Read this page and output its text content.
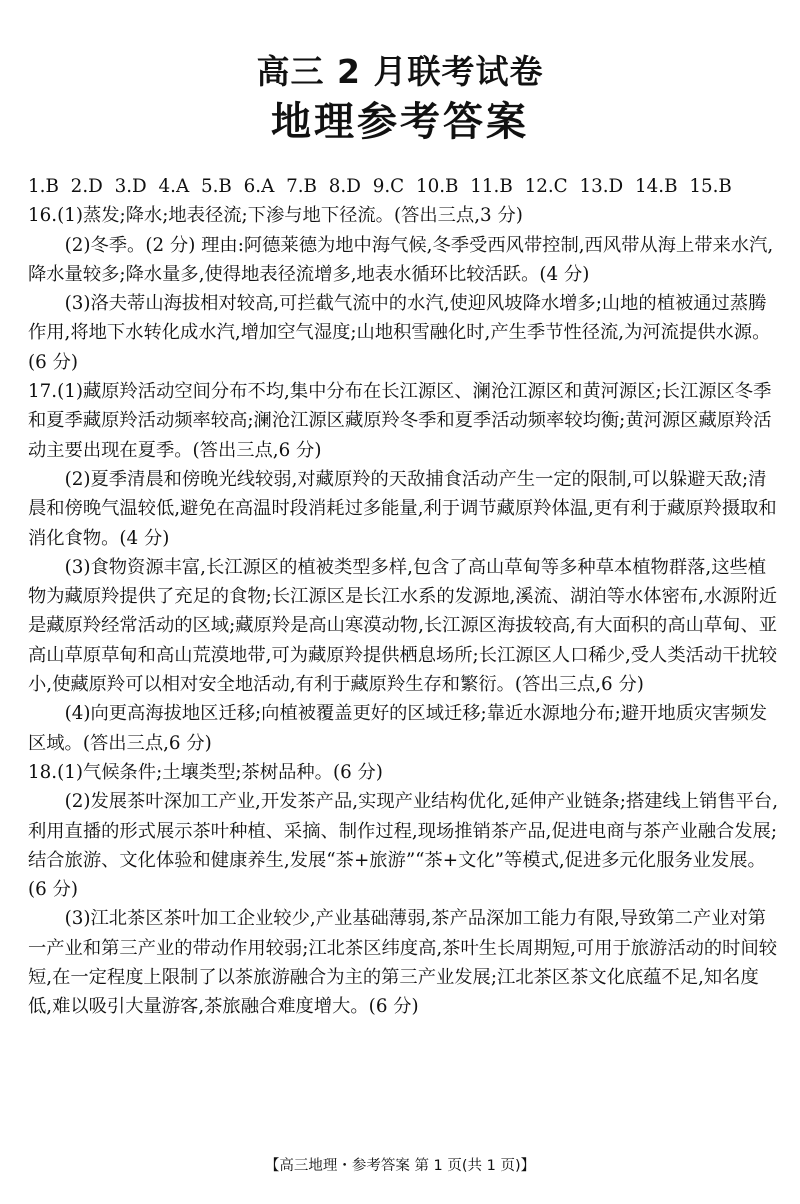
高三 2 月联考试卷
地理参考答案

1.B 2.D 3.D 4.A 5.B 6.A 7.B 8.D 9.C 10.B 11.B 12.C 13.D 14.B 15.B

16.(1)蒸发;降水;地表径流;下渗与地下径流。(答出三点,3 分)

(2)冬季。(2 分) 理由:阿德莱德为地中海气候,冬季受西风带控制,西风带从海上带来水汽,降水量较多;降水量多,使得地表径流增多,地表水循环比较活跃。(4 分)

(3)洛夫蒂山海拔相对较高,可拦截气流中的水汽,使迎风坡降水增多;山地的植被通过蒸腾作用,将地下水转化成水汽,增加空气湿度;山地积雪融化时,产生季节性径流,为河流提供水源。(6 分)

17.(1)藏原羚活动空间分布不均,集中分布在长江源区、澜沧江源区和黄河源区;长江源区冬季和夏季藏原羚活动频率较高;澜沧江源区藏原羚冬季和夏季活动频率较均衡;黄河源区藏原羚活动主要出现在夏季。(答出三点,6 分)

(2)夏季清晨和傍晚光线较弱,对藏原羚的天敌捕食活动产生一定的限制,可以躲避天敌;清晨和傍晚气温较低,避免在高温时段消耗过多能量,利于调节藏原羚体温,更有利于藏原羚摄取和消化食物。(4 分)

(3)食物资源丰富,长江源区的植被类型多样,包含了高山草甸等多种草本植物群落,这些植物为藏原羚提供了充足的食物;长江源区是长江水系的发源地,溪流、湖泊等水体密布,水源附近是藏原羚经常活动的区域;藏原羚是高山寒漠动物,长江源区海拔较高,有大面积的高山草甸、亚高山草原草甸和高山荒漠地带,可为藏原羚提供栖息场所;长江源区人口稀少,受人类活动干扰较小,使藏原羚可以相对安全地活动,有利于藏原羚生存和繁衍。(答出三点,6 分)

(4)向更高海拔地区迁移;向植被覆盖更好的区域迁移;靠近水源地分布;避开地质灾害频发区域。(答出三点,6 分)

18.(1)气候条件;土壤类型;茶树品种。(6 分)

(2)发展茶叶深加工产业,开发茶产品,实现产业结构优化,延伸产业链条;搭建线上销售平台,利用直播的形式展示茶叶种植、采摘、制作过程,现场推销茶产品,促进电商与茶产业融合发展;结合旅游、文化体验和健康养生,发展“茶+旅游”“茶+文化”等模式,促进多元化服务业发展。(6 分)

(3)江北茶区茶叶加工企业较少,产业基础薄弱,茶产品深加工能力有限,导致第二产业对第一产业和第三产业的带动作用较弱;江北茶区纬度高,茶叶生长周期短,可用于旅游活动的时间较短,在一定程度上限制了以茶旅游融合为主的第三产业发展;江北茶区茶文化底蕴不足,知名度低,难以吸引大量游客,茶旅融合难度增大。(6 分)

【高三地理・参考答案 第 1 页(共 1 页)】
